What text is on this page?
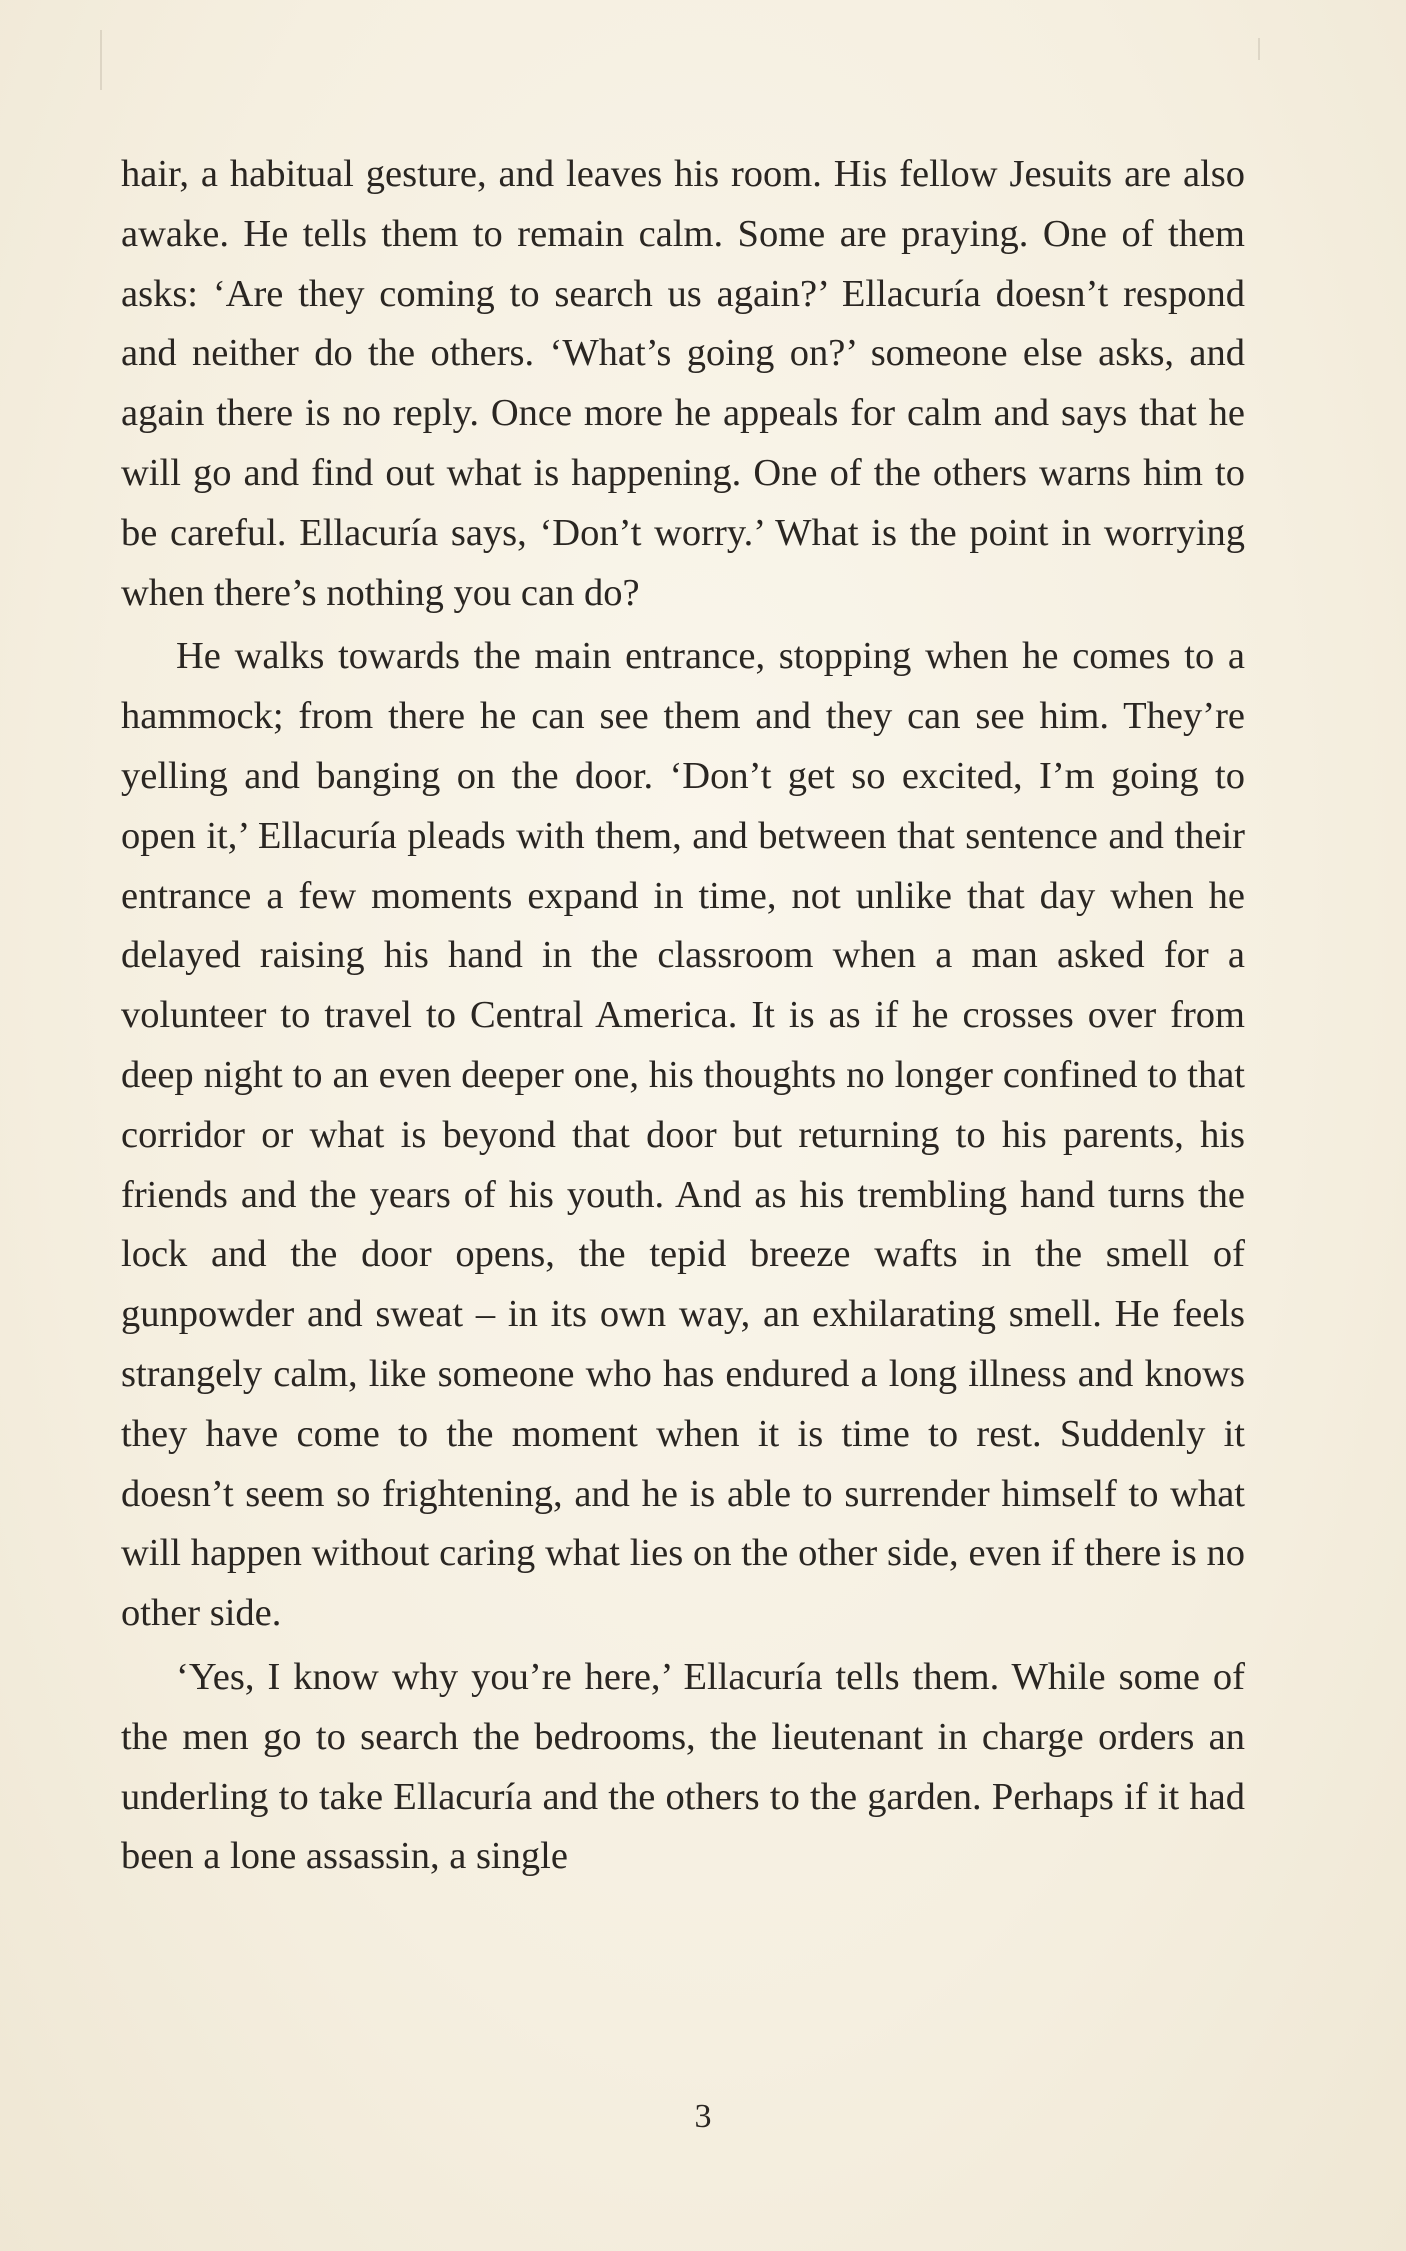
hair, a habitual gesture, and leaves his room. His fellow Jesuits are also awake. He tells them to remain calm. Some are praying. One of them asks: ‘Are they coming to search us again?’ Ellacuría doesn’t respond and neither do the others. ‘What’s going on?’ someone else asks, and again there is no reply. Once more he appeals for calm and says that he will go and find out what is happening. One of the others warns him to be careful. Ellacuría says, ‘Don’t worry.’ What is the point in worrying when there’s nothing you can do?

He walks towards the main entrance, stopping when he comes to a hammock; from there he can see them and they can see him. They’re yelling and banging on the door. ‘Don’t get so excited, I’m going to open it,’ Ellacuría pleads with them, and between that sentence and their entrance a few moments expand in time, not unlike that day when he delayed raising his hand in the classroom when a man asked for a volunteer to travel to Central America. It is as if he crosses over from deep night to an even deeper one, his thoughts no longer confined to that corridor or what is beyond that door but returning to his parents, his friends and the years of his youth. And as his trembling hand turns the lock and the door opens, the tepid breeze wafts in the smell of gunpowder and sweat – in its own way, an exhilarating smell. He feels strangely calm, like someone who has endured a long illness and knows they have come to the moment when it is time to rest. Suddenly it doesn’t seem so frightening, and he is able to surrender himself to what will happen without caring what lies on the other side, even if there is no other side.

‘Yes, I know why you’re here,’ Ellacuría tells them. While some of the men go to search the bedrooms, the lieutenant in charge orders an underling to take Ellacuría and the others to the garden. Perhaps if it had been a lone assassin, a single

3
